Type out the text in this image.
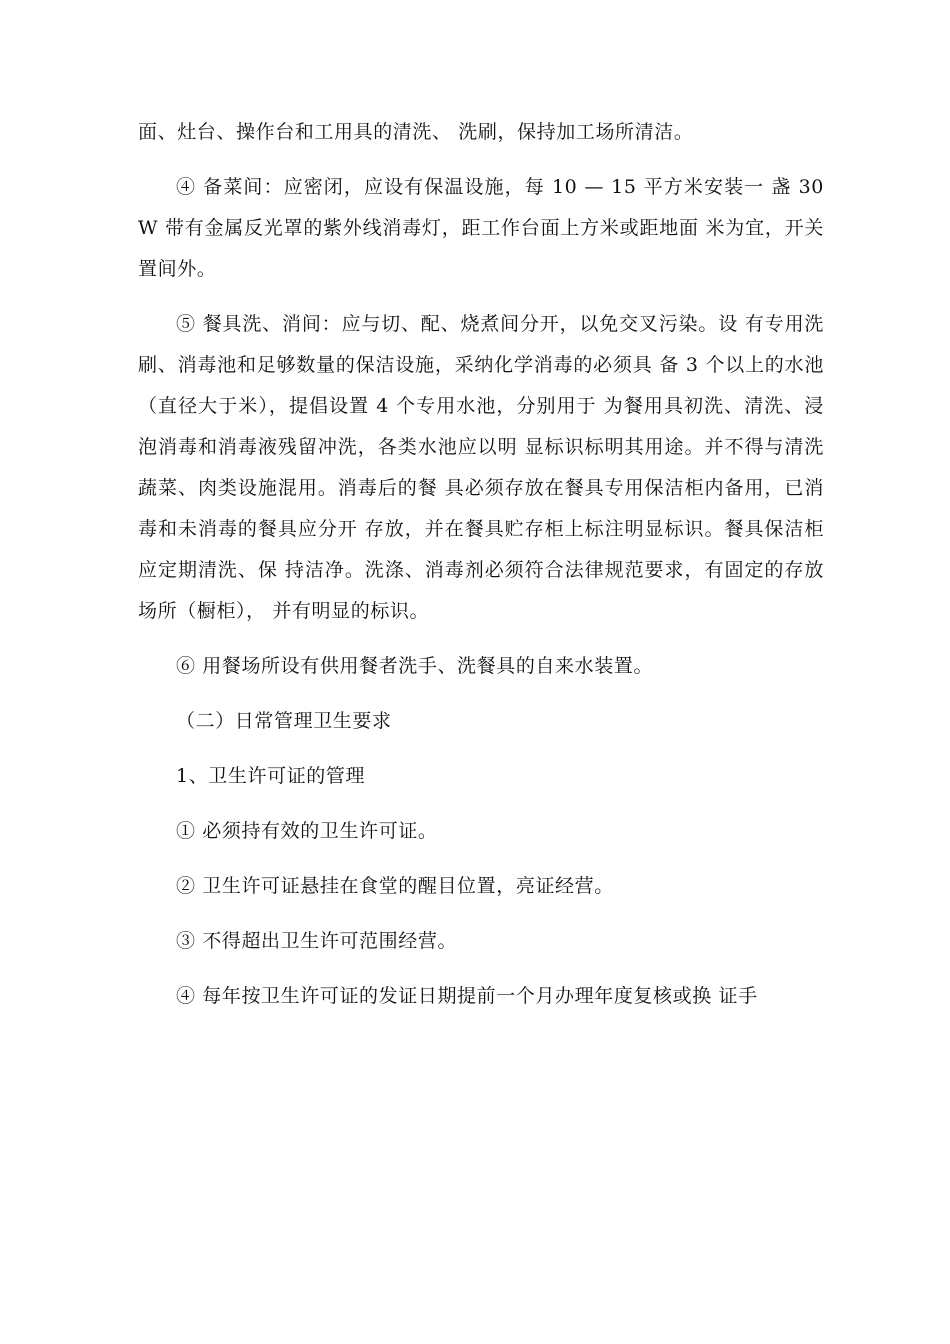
面、灶台、操作台和工用具的清洗、 洗刷，保持加工场所清洁。

④ 备菜间：应密闭，应设有保温设施，每 10 — 15 平方米安装一 盏 30W 带有金属反光罩的紫外线消毒灯，距工作台面上方米或距地面 米为宜，开关置间外。

⑤ 餐具洗、消间：应与切、配、烧煮间分开，以免交叉污染。设 有专用洗刷、消毒池和足够数量的保洁设施，采纳化学消毒的必须具 备 3 个以上的水池（直径大于米），提倡设置 4 个专用水池，分别用于 为餐用具初洗、清洗、浸泡消毒和消毒液残留冲洗，各类水池应以明 显标识标明其用途。并不得与清洗蔬菜、肉类设施混用。消毒后的餐 具必须存放在餐具专用保洁柜内备用，已消毒和未消毒的餐具应分开 存放，并在餐具贮存柜上标注明显标识。餐具保洁柜应定期清洗、保 持洁净。洗涤、消毒剂必须符合法律规范要求，有固定的存放场所（橱柜）， 并有明显的标识。

⑥ 用餐场所设有供用餐者洗手、洗餐具的自来水装置。

（二）日常管理卫生要求

1、卫生许可证的管理

① 必须持有效的卫生许可证。

② 卫生许可证悬挂在食堂的醒目位置，亮证经营。

③ 不得超出卫生许可范围经营。

④ 每年按卫生许可证的发证日期提前一个月办理年度复核或换 证手
